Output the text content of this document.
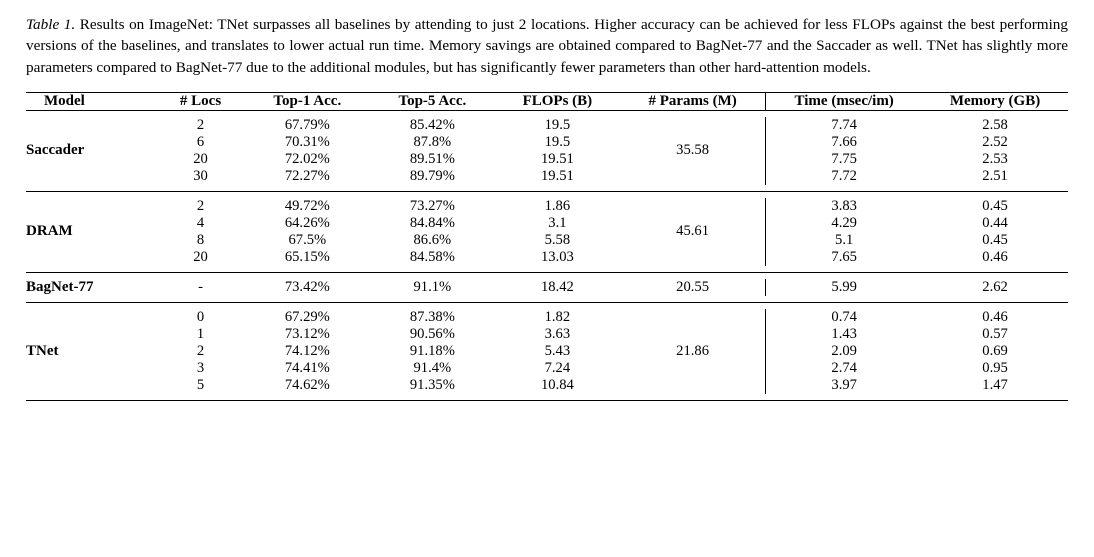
Table 1. Results on ImageNet: TNet surpasses all baselines by attending to just 2 locations. Higher accuracy can be achieved for less FLOPs against the best performing versions of the baselines, and translates to lower actual run time. Memory savings are obtained compared to BagNet-77 and the Saccader as well. TNet has slightly more parameters compared to BagNet-77 due to the additional modules, but has significantly fewer parameters than other hard-attention models.

Model	# Locs	Top-1 Acc.	Top-5 Acc.	FLOPs (B)	# Params (M)	Time (msec/im)	Memory (GB)

Saccader	2	67.79%	85.42%	19.5	35.58	7.74	2.58
	6	70.31%	87.8%	19.5		7.66	2.52
	20	72.02%	89.51%	19.51		7.75	2.53
	30	72.27%	89.79%	19.51		7.72	2.51

DRAM	2	49.72%	73.27%	1.86	45.61	3.83	0.45
	4	64.26%	84.84%	3.1		4.29	0.44
	8	67.5%	86.6%	5.58		5.1	0.45
	20	65.15%	84.58%	13.03		7.65	0.46

BagNet-77	-	73.42%	91.1%	18.42	20.55	5.99	2.62

TNet	0	67.29%	87.38%	1.82	21.86	0.74	0.46
	1	73.12%	90.56%	3.63		1.43	0.57
	2	74.12%	91.18%	5.43		2.09	0.69
	3	74.41%	91.4%	7.24		2.74	0.95
	5	74.62%	91.35%	10.84		3.97	1.47
